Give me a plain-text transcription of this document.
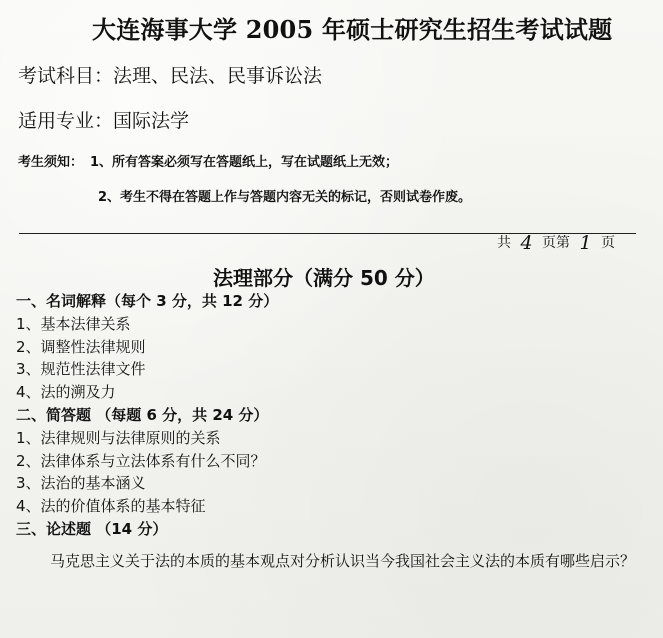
大连海事大学 2005 年硕士研究生招生考试试题

考试科目：法理、民法、民事诉讼法

适用专业：国际法学

考生须知： 1、所有答案必须写在答题纸上，写在试题纸上无效；
2、考生不得在答题上作与答题内容无关的标记，否则试卷作废。
共 4 页第 1 页
法理部分（满分 50 分）
一、名词解释（每个 3 分，共 12 分）
1、基本法律关系
2、调整性法律规则
3、规范性法律文件
4、法的溯及力
二、简答题 （每题 6 分，共 24 分）
1、法律规则与法律原则的关系
2、法律体系与立法体系有什么不同？
3、法治的基本涵义
4、法的价值体系的基本特征
三、论述题 （14 分）

马克思主义关于法的本质的基本观点对分析认识当今我国社会主义法的本质有哪些启示？
